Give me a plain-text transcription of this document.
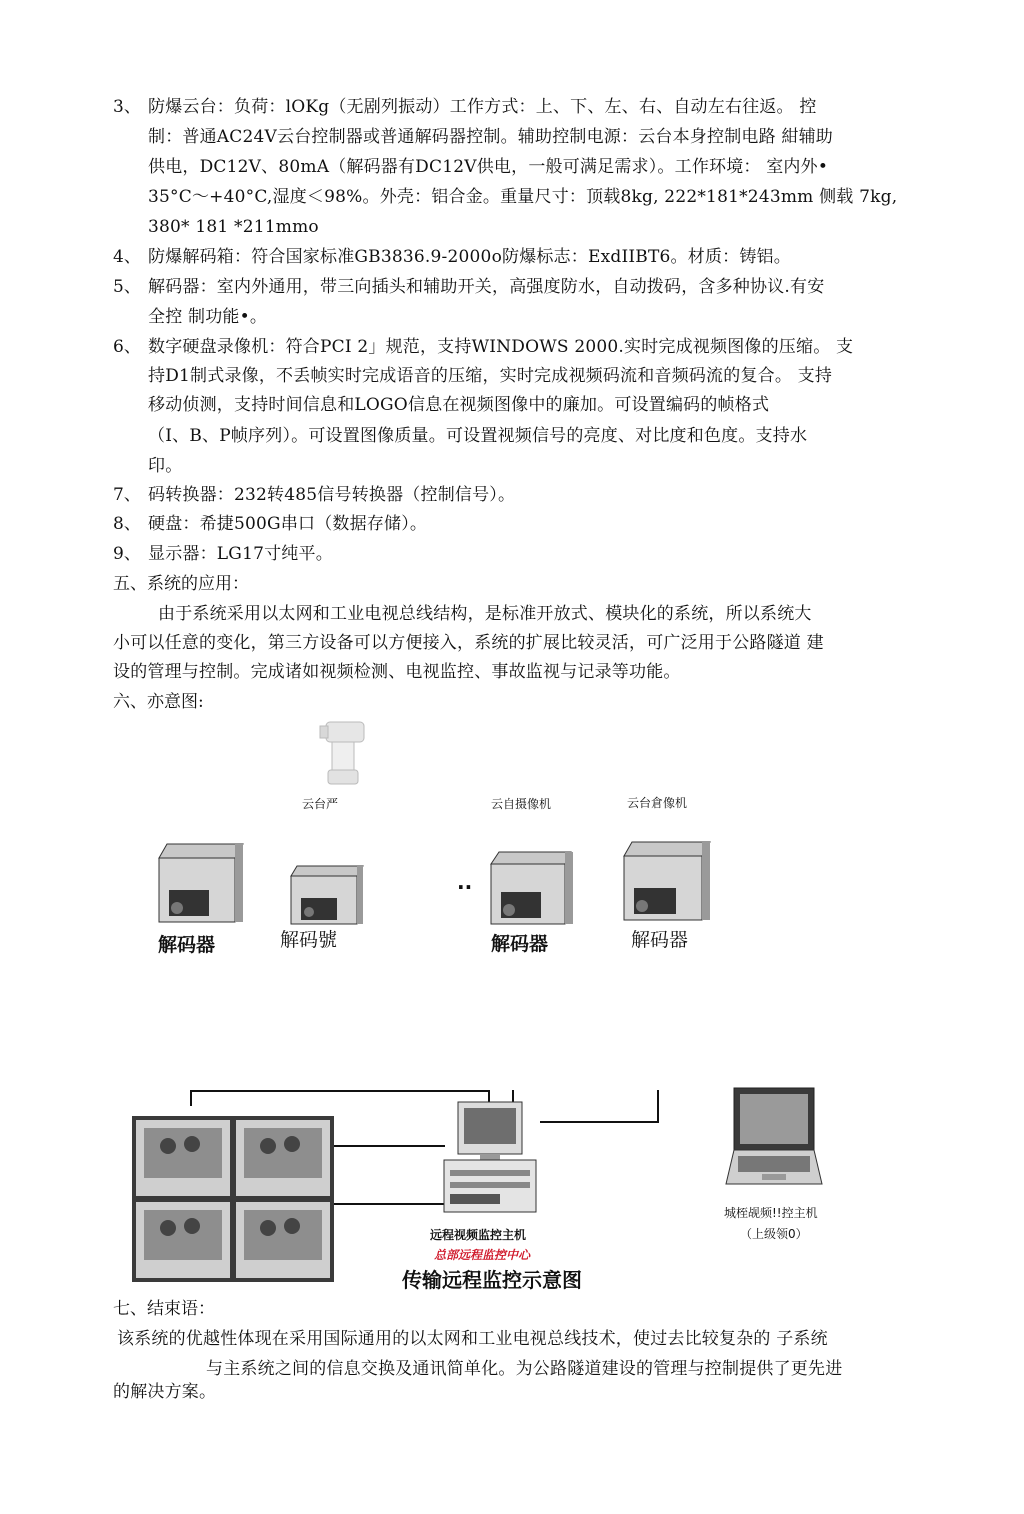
3、 防爆云台：负荷：lOKg（无剧列振动）工作方式：上、下、左、右、自动左右往返。 控
制：普通AC24V云台控制器或普通解码器控制。辅助控制电源：云台本身控制电路 紺辅助
供电，DC12V、80mA（解码器有DC12V供电，一般可满足需求）。工作环境： 室内外•
35°C～+40°C,湿度＜98%。外壳：铝合金。重量尺寸：顶载8kg, 222*181*243mm 侧载 7kg,
380* 181 *211mmo
4、 防爆解码箱：符合国家标准GB3836.9-2000o防爆标志：ExdIIBT6。材质：铸铝。
5、 解码器：室内外通用，带三向插头和辅助开关，高强度防水，自动拨码，含多种协议.有安
全控 制功能•。
6、 数字硬盘录像机：符合PCI 2」规范，支持WINDOWS 2000.实时完成视频图像的压缩。 支
持D1制式录像，不丢帧实时完成语音的压缩，实时完成视频码流和音频码流的复合。 支持
移动侦测，支持时间信息和LOGO信息在视频图像中的廉加。可设置编码的帧格式
（I、B、P帧序列）。可设置图像质量。可设置视频信号的亮度、对比度和色度。支持水
印。
7、 码转换器：232转485信号转换器（控制信号）。
8、 硬盘：希捷500G串口（数据存储）。
9、 显示器：LG17寸纯平。
五、系统的应用：
由于系统采用以太网和工业电视总线结构，是标准开放式、模块化的系统，所以系统大
小可以任意的变化，第三方设备可以方便接入，系统的扩展比较灵活，可广泛用于公路隧道 建
设的管理与控制。完成诸如视频检测、电视监控、事故监视与记录等功能。
六、亦意图:
云台严	云自摄像机	云台倉像机
..
解码器	解码號	解码器	解码器
远程视频监控主机
总部远程监控中心
传输远程监控示意图
城桎觇频!!控主机
（上级领0）
七、结束语：
该系统的优越性体现在采用国际通用的以太网和工业电视总线技术，使过去比较复杂的 子系统
与主系统之间的信息交换及通讯简单化。为公路隧道建设的管理与控制提供了更先进
的解决方案。
